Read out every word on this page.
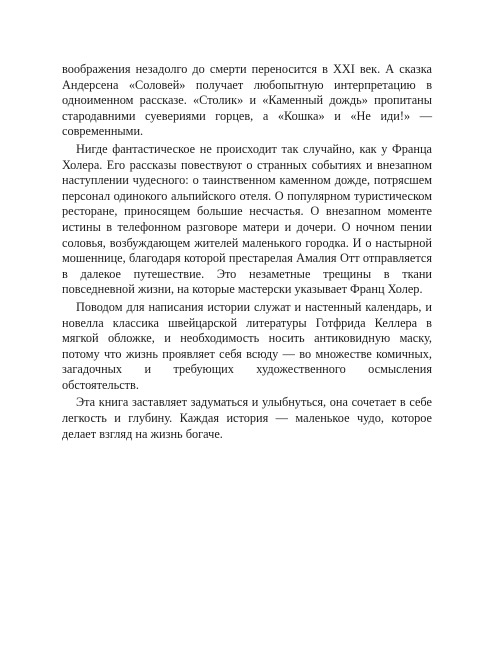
воображения незадолго до смерти переносится в XXI век. А сказка Андерсена «Соловей» получает любопытную интерпретацию в одноименном рассказе. «Столик» и «Каменный дождь» пропитаны стародавними суевериями горцев, а «Кошка» и «Не иди!» — современными.

Нигде фантастическое не происходит так случайно, как у Франца Холера. Его рассказы повествуют о странных событиях и внезапном наступлении чудесного: о таинственном каменном дожде, потрясшем персонал одинокого альпийского отеля. О популярном туристическом ресторане, приносящем большие несчастья. О внезапном моменте истины в телефонном разговоре матери и дочери. О ночном пении соловья, возбуждающем жителей маленького городка. И о настырной мошеннице, благодаря которой престарелая Амалия Отт отправляется в далекое путешествие. Это незаметные трещины в ткани повседневной жизни, на которые мастерски указывает Франц Холер.

Поводом для написания истории служат и настенный календарь, и новелла классика швейцарской литературы Готфрида Келлера в мягкой обложке, и необходимость носить антиковидную маску, потому что жизнь проявляет себя всюду — во множестве комичных, загадочных и требующих художественного осмысления обстоятельств.

Эта книга заставляет задуматься и улыбнуться, она сочетает в себе легкость и глубину. Каждая история — маленькое чудо, которое делает взгляд на жизнь богаче.
